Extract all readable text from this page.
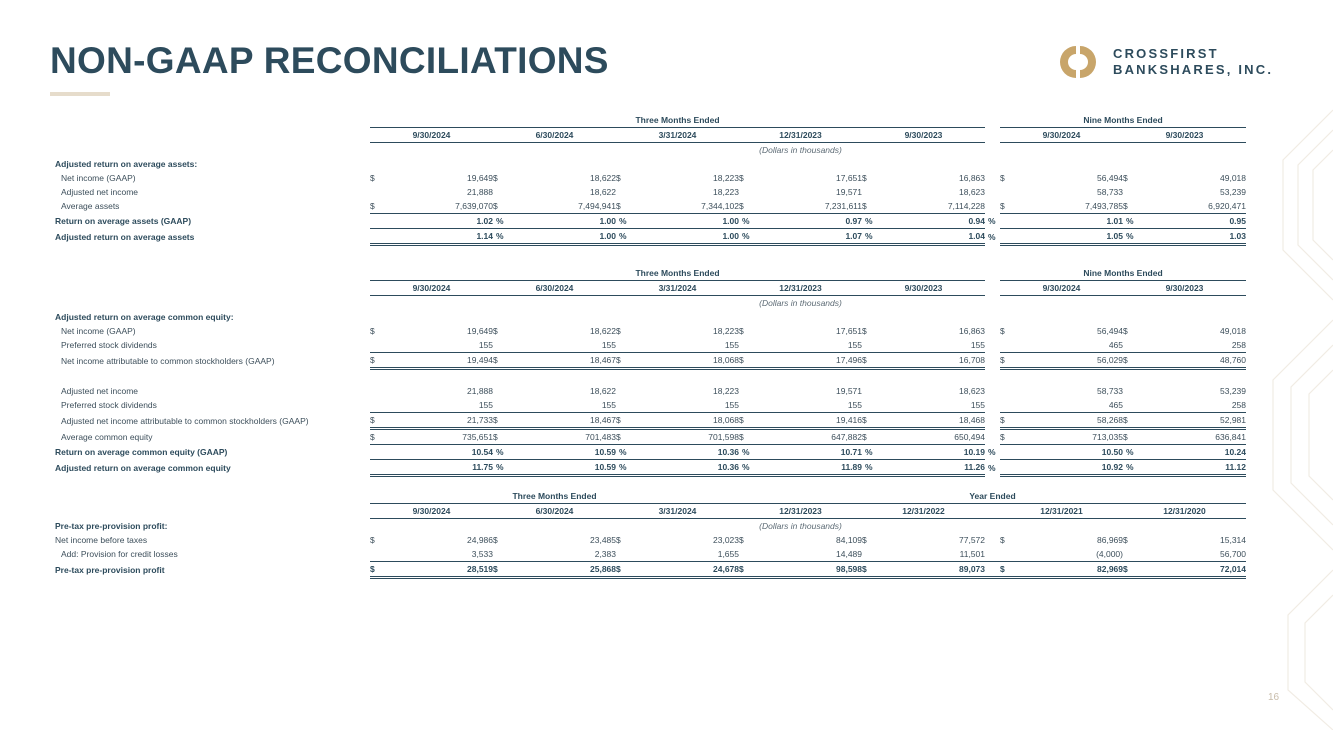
NON-GAAP RECONCILIATIONS	CROSSFIRST
BANKSHARES, INC.
	Three Months Ended											Nine Months Ended			
	9/30/2024		6/30/2024		3/31/2024		12/31/2023		9/30/2023			9/30/2024		9/30/2023	
					(Dollars in thousands)										
Adjusted return on average assets:															
Net income (GAAP)	$	19,649	$	18,622	$	18,223	$	17,651	$	16,863		$	56,494	$	49,018
Adjusted net income		21,888		18,622		18,223		19,571		18,623			58,733		53,239
Average assets	$	7,639,070	$	7,494,941	$	7,344,102	$	7,231,611	$	7,114,228		$	7,493,785	$	6,920,471
Return on average assets (GAAP)		1.02	%	1.00	%	1.00	%	0.97	%	0.94	%		1.01	%	0.95
Adjusted return on average assets		1.14	%	1.00	%	1.00	%	1.07	%	1.04	%		1.05	%	1.03
	Three Months Ended											Nine Months Ended			
	9/30/2024		6/30/2024		3/31/2024		12/31/2023		9/30/2023			9/30/2024		9/30/2023	
					(Dollars in thousands)										
Adjusted return on average common equity:															
Net income (GAAP)	$	19,649	$	18,622	$	18,223	$	17,651	$	16,863		$	56,494	$	49,018
Preferred stock dividends		155		155		155		155		155			465		258
Net income attributable to common stockholders (GAAP)	$	19,494	$	18,467	$	18,068	$	17,496	$	16,708		$	56,029	$	48,760

Adjusted net income		21,888		18,622		18,223		19,571		18,623			58,733		53,239
Preferred stock dividends		155		155		155		155		155			465		258
Adjusted net income attributable to common stockholders (GAAP)	$	21,733	$	18,467	$	18,068	$	19,416	$	18,468		$	58,268	$	52,981
Average common equity	$	735,651	$	701,483	$	701,598	$	647,882	$	650,494		$	713,035	$	636,841
Return on average common equity (GAAP)		10.54	%	10.59	%	10.36	%	10.71	%	10.19	%		10.50	%	10.24
Adjusted return on average common equity		11.75	%	10.59	%	10.36	%	11.89	%	11.26	%		10.92	%	11.12
	Three Months Ended						Year Ended								
	9/30/2024		6/30/2024		3/31/2024		12/31/2023		12/31/2022			12/31/2021		12/31/2020	
Pre-tax pre-provision profit:							(Dollars in thousands)								
Net income before taxes	$	24,986	$	23,485	$	23,023	$	84,109	$	77,572		$	86,969	$	15,314
Add: Provision for credit losses		3,533		2,383		1,655		14,489		11,501			(4,000)		56,700
Pre-tax pre-provision profit	$	28,519	$	25,868	$	24,678	$	98,598	$	89,073		$	82,969	$	72,014
16
